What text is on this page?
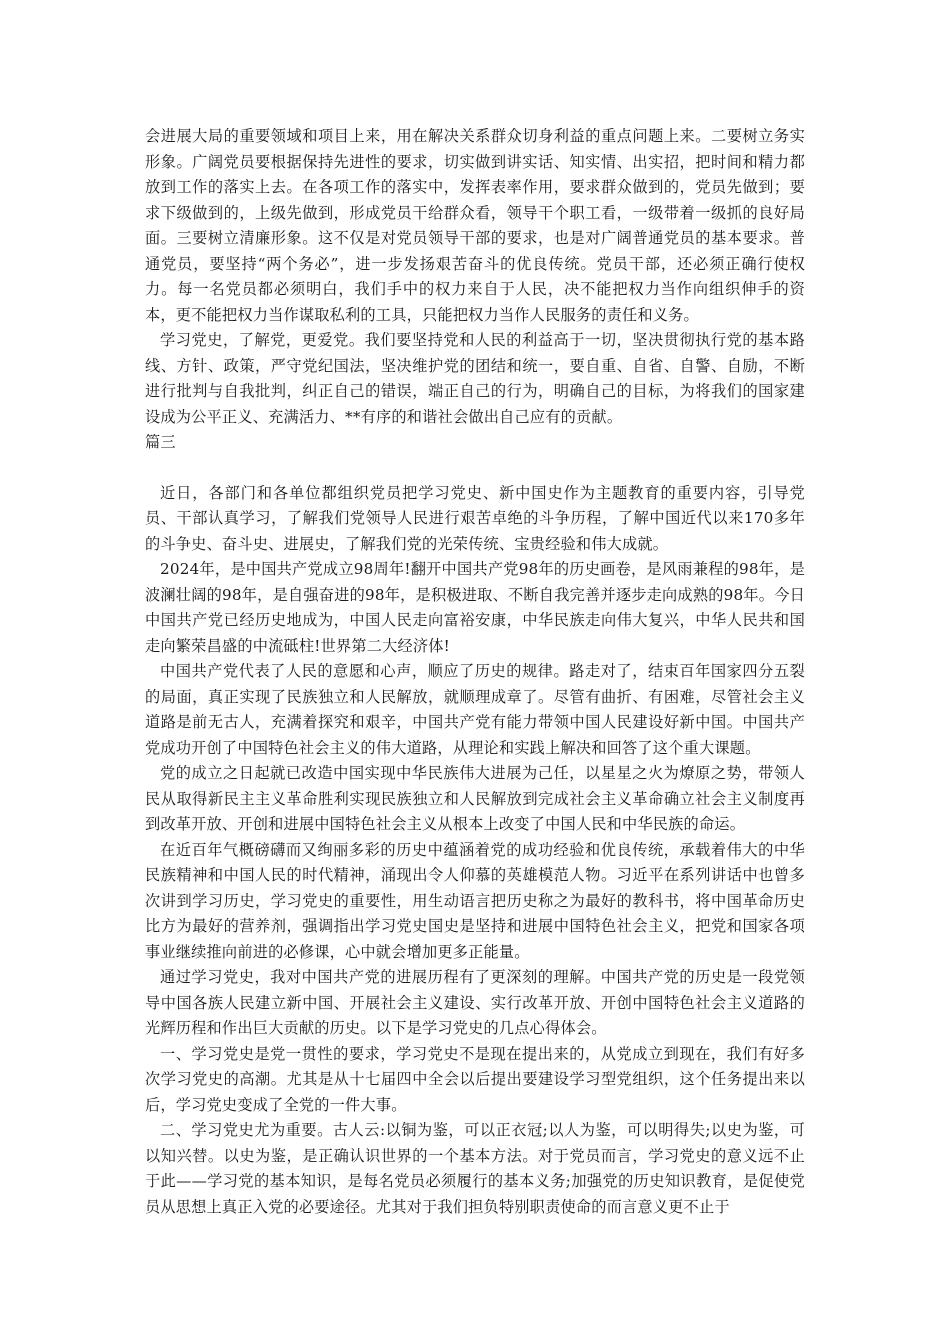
会进展大局的重要领域和项目上来，用在解决关系群众切身利益的重点问题上来。二要树立务实形象。广阔党员要根据保持先进性的要求，切实做到讲实话、知实情、出实招，把时间和精力都放到工作的落实上去。在各项工作的落实中，发挥表率作用，要求群众做到的，党员先做到；要求下级做到的，上级先做到，形成党员干给群众看，领导干个职工看，一级带着一级抓的良好局面。三要树立清廉形象。这不仅是对党员领导干部的要求，也是对广阔普通党员的基本要求。普通党员，要坚持“两个务必”，进一步发扬艰苦奋斗的优良传统。党员干部，还必须正确行使权力。每一名党员都必须明白，我们手中的权力来自于人民，决不能把权力当作向组织伸手的资本，更不能把权力当作谋取私利的工具，只能把权力当作人民服务的责任和义务。

学习党史，了解党，更爱党。我们要坚持党和人民的利益高于一切，坚决贯彻执行党的基本路线、方针、政策，严守党纪国法，坚决维护党的团结和统一，要自重、自省、自警、自励，不断进行批判与自我批判，纠正自己的错误，端正自己的行为，明确自己的目标，为将我们的国家建设成为公平正义、充满活力、**有序的和谐社会做出自己应有的贡献。

篇三

近日，各部门和各单位都组织党员把学习党史、新中国史作为主题教育的重要内容，引导党员、干部认真学习，了解我们党领导人民进行艰苦卓绝的斗争历程，了解中国近代以来170多年的斗争史、奋斗史、进展史，了解我们党的光荣传统、宝贵经验和伟大成就。

2024年，是中国共产党成立98周年!翻开中国共产党98年的历史画卷，是风雨兼程的98年，是波澜壮阔的98年，是自强奋进的98年，是积极进取、不断自我完善并逐步走向成熟的98年。今日中国共产党已经历史地成为，中国人民走向富裕安康，中华民族走向伟大复兴，中华人民共和国走向繁荣昌盛的中流砥柱!世界第二大经济体!

中国共产党代表了人民的意愿和心声，顺应了历史的规律。路走对了，结束百年国家四分五裂的局面，真正实现了民族独立和人民解放，就顺理成章了。尽管有曲折、有困难，尽管社会主义道路是前无古人，充满着探究和艰辛，中国共产党有能力带领中国人民建设好新中国。中国共产党成功开创了中国特色社会主义的伟大道路，从理论和实践上解决和回答了这个重大课题。

党的成立之日起就已改造中国实现中华民族伟大进展为己任，以星星之火为燎原之势，带领人民从取得新民主主义革命胜利实现民族独立和人民解放到完成社会主义革命确立社会主义制度再到改革开放、开创和进展中国特色社会主义从根本上改变了中国人民和中华民族的命运。

在近百年气概磅礴而又绚丽多彩的历史中蕴涵着党的成功经验和优良传统，承载着伟大的中华民族精神和中国人民的时代精神，涌现出令人仰慕的英雄模范人物。习近平在系列讲话中也曾多次讲到学习历史，学习党史的重要性，用生动语言把历史称之为最好的教科书，将中国革命历史比方为最好的营养剂，强调指出学习党史国史是坚持和进展中国特色社会主义，把党和国家各项事业继续推向前进的必修课，心中就会增加更多正能量。

通过学习党史，我对中国共产党的进展历程有了更深刻的理解。中国共产党的历史是一段党领导中国各族人民建立新中国、开展社会主义建设、实行改革开放、开创中国特色社会主义道路的光辉历程和作出巨大贡献的历史。以下是学习党史的几点心得体会。

一、学习党史是党一贯性的要求，学习党史不是现在提出来的，从党成立到现在，我们有好多次学习党史的高潮。尤其是从十七届四中全会以后提出要建设学习型党组织，这个任务提出来以后，学习党史变成了全党的一件大事。

二、学习党史尤为重要。古人云:以铜为鉴，可以正衣冠;以人为鉴，可以明得失;以史为鉴，可以知兴替。以史为鉴，是正确认识世界的一个基本方法。对于党员而言，学习党史的意义远不止于此——学习党的基本知识，是每名党员必须履行的基本义务;加强党的历史知识教育，是促使党员从思想上真正入党的必要途径。尤其对于我们担负特别职责使命的而言意义更不止于
